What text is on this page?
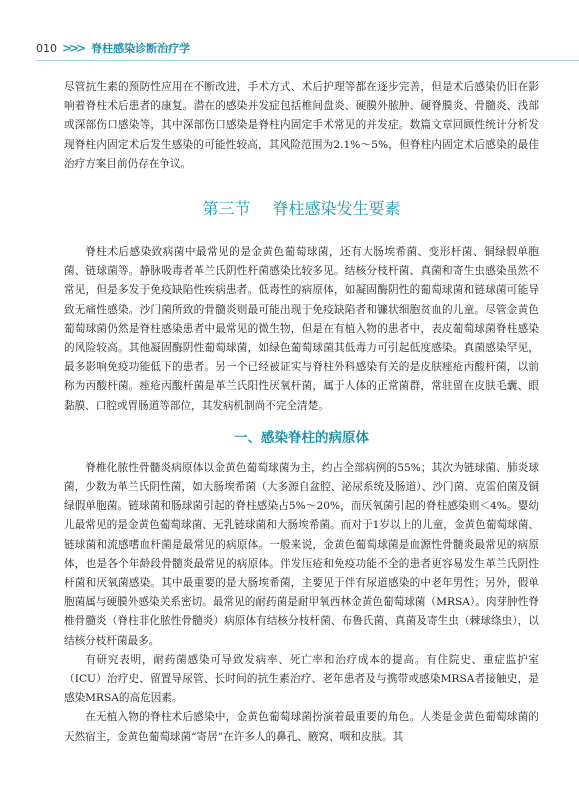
010 >>> 脊柱感染诊断治疗学

尽管抗生素的预防性应用在不断改进，手术方式、术后护理等都在逐步完善，但是术后感染仍旧在影响着脊柱术后患者的康复。潜在的感染并发症包括椎间盘炎、硬膜外脓肿、硬脊膜炎、骨髓炎、浅部或深部伤口感染等，其中深部伤口感染是脊柱内固定手术常见的并发症。数篇文章回顾性统计分析发现脊柱内固定术后发生感染的可能性较高，其风险范围为2.1%～5%，但脊柱内固定术后感染的最佳治疗方案目前仍存在争议。

第三节 脊柱感染发生要素

脊柱术后感染致病菌中最常见的是金黄色葡萄球菌，还有大肠埃希菌、变形杆菌、铜绿假单胞菌、链球菌等。静脉吸毒者革兰氏阴性杆菌感染比较多见。结核分枝杆菌、真菌和寄生虫感染虽然不常见，但是多发于免疫缺陷性疾病患者。低毒性的病原体，如凝固酶阴性的葡萄球菌和链球菌可能导致无痛性感染。沙门菌所致的骨髓炎则最可能出现于免疫缺陷者和镰状细胞贫血的儿童。尽管金黄色葡萄球菌仍然是脊柱感染患者中最常见的微生物，但是在有植入物的患者中，表皮葡萄球菌脊柱感染的风险较高。其他凝固酶阴性葡萄球菌，如绿色葡萄球菌其低毒力可引起低度感染。真菌感染罕见，最多影响免疫功能低下的患者。另一个已经被证实与脊柱外科感染有关的是皮肤痤疮丙酸杆菌，以前称为丙酸杆菌。痤疮丙酸杆菌是革兰氏阳性厌氧杆菌，属于人体的正常菌群，常驻留在皮肤毛囊、眼黏膜、口腔或胃肠道等部位，其发病机制尚不完全清楚。

一、感染脊柱的病原体

脊椎化脓性骨髓炎病原体以金黄色葡萄球菌为主，约占全部病例的55%；其次为链球菌、肺炎球菌，少数为革兰氏阴性菌，如大肠埃希菌（大多源自盆腔、泌尿系统及肠道）、沙门菌、克雷伯菌及铜绿假单胞菌。链球菌和肠球菌引起的脊柱感染占5%～20%，而厌氧菌引起的脊柱感染则＜4%。婴幼儿最常见的是金黄色葡萄球菌、无乳链球菌和大肠埃希菌。而对于1岁以上的儿童，金黄色葡萄球菌、链球菌和流感嗜血杆菌是最常见的病原体。一般来说，金黄色葡萄球菌是血源性骨髓炎最常见的病原体，也是各个年龄段骨髓炎最常见的病原体。伴发压疮和免疫功能不全的患者更容易发生革兰氏阴性杆菌和厌氧菌感染。其中最重要的是大肠埃希菌，主要见于伴有尿道感染的中老年男性；另外，假单胞菌属与硬膜外感染关系密切。最常见的耐药菌是耐甲氧西林金黄色葡萄球菌（MRSA）。肉芽肿性脊椎骨髓炎（脊柱非化脓性骨髓炎）病原体有结核分枝杆菌、布鲁氏菌、真菌及寄生虫（棘球绦虫），以结核分枝杆菌最多。

有研究表明，耐药菌感染可导致发病率、死亡率和治疗成本的提高。有住院史、重症监护室（ICU）治疗史、留置导尿管、长时间的抗生素治疗、老年患者及与携带或感染MRSA者接触史，是感染MRSA的高危因素。

在无植入物的脊柱术后感染中，金黄色葡萄球菌扮演着最重要的角色。人类是金黄色葡萄球菌的天然宿主，金黄色葡萄球菌“寄居”在许多人的鼻孔、腋窝、咽和皮肤。其
